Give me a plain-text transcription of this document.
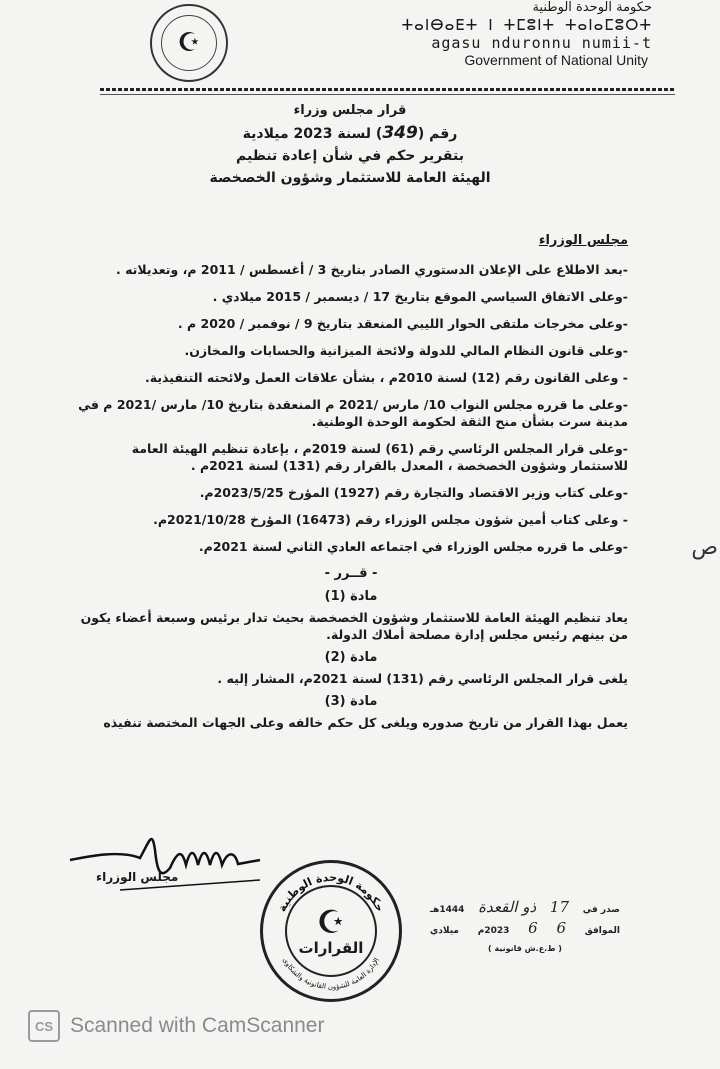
☪
حكومة الوحدة الوطنية
ⵜⴰⵏⴱⴰⴹⵜ ⵏ ⵜⵎⵓⵏⵜ ⵜⴰⵏⴰⵎⵓⵔⵜ
agasu nduronnu numii-t
Government of National Unity
قرار مجلس وزراء
رقم (349) لسنة 2023 ميلادية
بتقرير حكم في شأن إعادة تنظيم
الهيئة العامة للاستثمار وشؤون الخصخصة
مجلس الوزراء
-بعد الاطلاع على الإعلان الدستوري الصادر بتاريخ 3 / أغسطس / 2011 م، وتعديلاته .
-وعلى الاتفاق السياسي الموقع بتاريخ 17 / ديسمبر / 2015 ميلادي .
-وعلى مخرجات ملتقى الحوار الليبي المنعقد بتاريخ 9 / نوفمبر / 2020 م .
-وعلى قانون النظام المالي للدولة ولائحة الميزانية والحسابات والمخازن.
- وعلى القانون رقم (12) لسنة 2010م ، بشأن علاقات العمل ولائحته التنفيذية.
-وعلى ما قرره مجلس النواب 10/ مارس /2021 م المنعقدة بتاريخ 10/ مارس /2021 م في مدينة سرت بشأن منح الثقة لحكومة الوحدة الوطنية.
-وعلى قرار المجلس الرئاسي رقم (61) لسنة 2019م ، بإعادة تنظيم الهيئة العامة للاستثمار وشؤون الخصخصة ، المعدل بالقرار رقم (131) لسنة 2021م .
-وعلى كتاب وزير الاقتصاد والتجارة رقم (1927) المؤرخ 2023/5/25م.
- وعلى كتاب أمين شؤون مجلس الوزراء رقم (16473) المؤرخ 2021/10/28م.
-وعلى ما قرره مجلس الوزراء في اجتماعه العادي الثاني لسنة 2021م.
- قــرر -
مادة (1)
يعاد تنظيم الهيئة العامة للاستثمار وشؤون الخصخصة بحيث تدار برئيس وسبعة أعضاء يكون من بينهم رئيس مجلس إدارة مصلحة أملاك الدولة.
مادة (2)
يلغى قرار المجلس الرئاسي رقم (131) لسنة 2021م، المشار إليه .
مادة (3)
يعمل بهذا القرار من تاريخ صدوره ويلغى كل حكم خالفه وعلى الجهات المختصة تنفيذه
مجلس الوزراء
حكومة الوحدة الوطنية
الإدارة العامة للشؤون القانونية والشكاوى
☪
القرارات
صدر في
17
ذو القعدة
1444هـ
الموافق
6
6
2023م
ميلادي
( ط.ع.ش قانونية )
ص
CS Scanned with CamScanner
